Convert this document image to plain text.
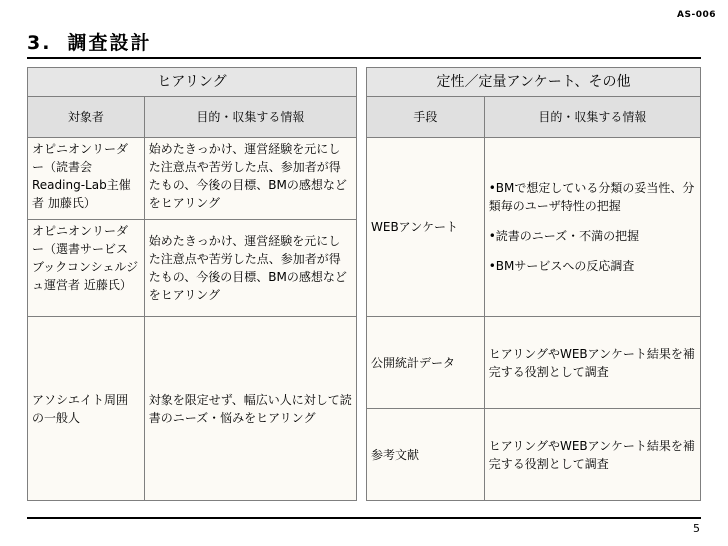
AS-006
3. 調査設計
ヒアリング	
対象者	目的・収集する情報
オピニオンリーダー（読書会Reading-Lab主催者 加藤氏）	始めたきっかけ、運営経験を元にした注意点や苦労した点、参加者が得たもの、今後の目標、BMの感想などをヒアリング
オピニオンリーダー（選書サービスブックコンシェルジュ運営者 近藤氏）	始めたきっかけ、運営経験を元にした注意点や苦労した点、参加者が得たもの、今後の目標、BMの感想などをヒアリング
アソシエイト周囲の一般人	対象を限定せず、幅広い人に対して読書のニーズ・悩みをヒアリング
定性／定量アンケート、その他	
手段	目的・収集する情報
WEBアンケート	•BMで想定している分類の妥当性、分類毎のユーザ特性の把握
•読書のニーズ・不満の把握
•BMサービスへの反応調査

公開統計データ	ヒアリングやWEBアンケート結果を補完する役割として調査
参考文献	ヒアリングやWEBアンケート結果を補完する役割として調査
5
